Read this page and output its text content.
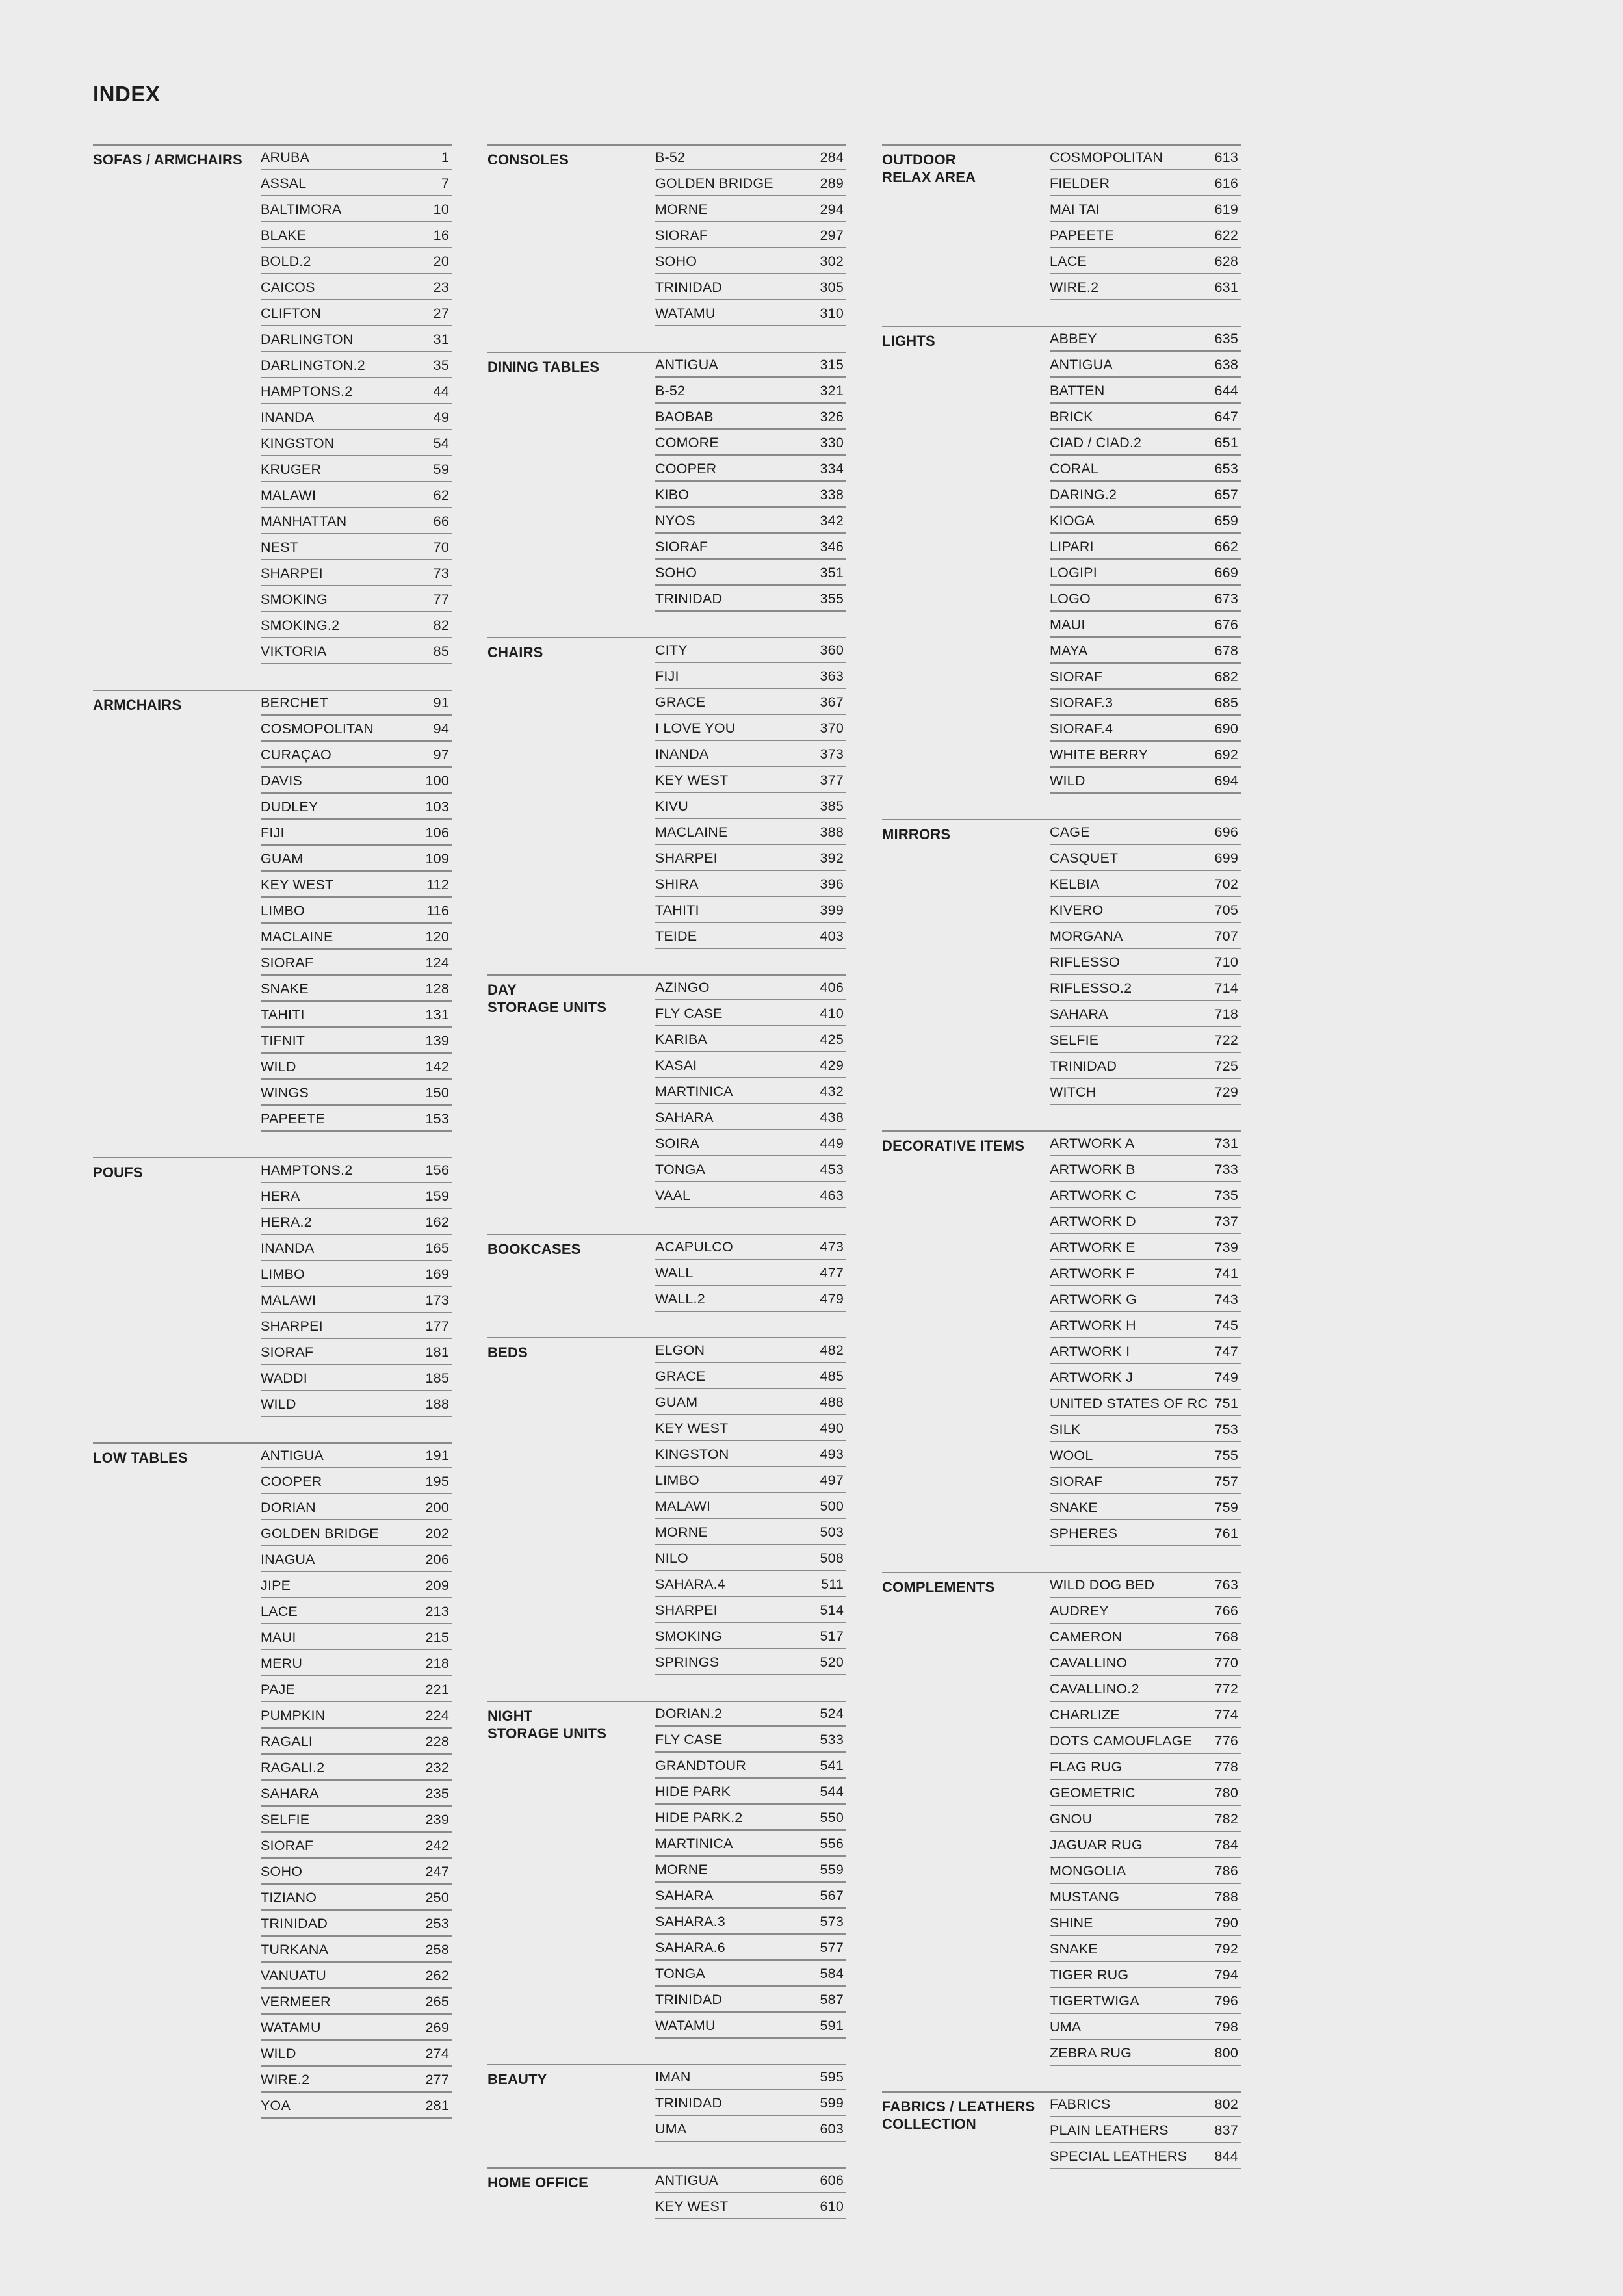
INDEX
SOFAS / ARMCHAIRS	ARUBA	1
ASSAL	7
BALTIMORA	10
BLAKE	16
BOLD.2	20
CAICOS	23
CLIFTON	27
DARLINGTON	31
DARLINGTON.2	35
HAMPTONS.2	44
INANDA	49
KINGSTON	54
KRUGER	59
MALAWI	62
MANHATTAN	66
NEST	70
SHARPEI	73
SMOKING	77
SMOKING.2	82
VIKTORIA	85
ARMCHAIRS	BERCHET	91
COSMOPOLITAN	94
CURAÇAO	97
DAVIS	100
DUDLEY	103
FIJI	106
GUAM	109
KEY WEST	112
LIMBO	116
MACLAINE	120
SIORAF	124
SNAKE	128
TAHITI	131
TIFNIT	139
WILD	142
WINGS	150
PAPEETE	153
POUFS	HAMPTONS.2	156
HERA	159
HERA.2	162
INANDA	165
LIMBO	169
MALAWI	173
SHARPEI	177
SIORAF	181
WADDI	185
WILD	188
LOW TABLES	ANTIGUA	191
COOPER	195
DORIAN	200
GOLDEN BRIDGE	202
INAGUA	206
JIPE	209
LACE	213
MAUI	215
MERU	218
PAJE	221
PUMPKIN	224
RAGALI	228
RAGALI.2	232
SAHARA	235
SELFIE	239
SIORAF	242
SOHO	247
TIZIANO	250
TRINIDAD	253
TURKANA	258
VANUATU	262
VERMEER	265
WATAMU	269
WILD	274
WIRE.2	277
YOA	281
CONSOLES	B-52	284
GOLDEN BRIDGE	289
MORNE	294
SIORAF	297
SOHO	302
TRINIDAD	305
WATAMU	310
DINING TABLES	ANTIGUA	315
B-52	321
BAOBAB	326
COMORE	330
COOPER	334
KIBO	338
NYOS	342
SIORAF	346
SOHO	351
TRINIDAD	355
CHAIRS	CITY	360
FIJI	363
GRACE	367
I LOVE YOU	370
INANDA	373
KEY WEST	377
KIVU	385
MACLAINE	388
SHARPEI	392
SHIRA	396
TAHITI	399
TEIDE	403
DAY
STORAGE UNITS
AZINGO	406
FLY CASE	410
KARIBA	425
KASAI	429
MARTINICA	432
SAHARA	438
SOIRA	449
TONGA	453
VAAL	463
BOOKCASES	ACAPULCO	473
WALL	477
WALL.2	479
BEDS	ELGON	482
GRACE	485
GUAM	488
KEY WEST	490
KINGSTON	493
LIMBO	497
MALAWI	500
MORNE	503
NILO	508
SAHARA.4	511
SHARPEI	514
SMOKING	517
SPRINGS	520
NIGHT
STORAGE UNITS
DORIAN.2	524
FLY CASE	533
GRANDTOUR	541
HIDE PARK	544
HIDE PARK.2	550
MARTINICA	556
MORNE	559
SAHARA	567
SAHARA.3	573
SAHARA.6	577
TONGA	584
TRINIDAD	587
WATAMU	591
BEAUTY	IMAN	595
TRINIDAD	599
UMA	603
HOME OFFICE	ANTIGUA	606
KEY WEST	610
OUTDOOR
RELAX AREA
COSMOPOLITAN	613
FIELDER	616
MAI TAI	619
PAPEETE	622
LACE	628
WIRE.2	631
LIGHTS	ABBEY	635
ANTIGUA	638
BATTEN	644
BRICK	647
CIAD / CIAD.2	651
CORAL	653
DARING.2	657
KIOGA	659
LIPARI	662
LOGIPI	669
LOGO	673
MAUI	676
MAYA	678
SIORAF	682
SIORAF.3	685
SIORAF.4	690
WHITE BERRY	692
WILD	694
MIRRORS	CAGE	696
CASQUET	699
KELBIA	702
KIVERO	705
MORGANA	707
RIFLESSO	710
RIFLESSO.2	714
SAHARA	718
SELFIE	722
TRINIDAD	725
WITCH	729
DECORATIVE ITEMS	ARTWORK A	731
ARTWORK B	733
ARTWORK C	735
ARTWORK D	737
ARTWORK E	739
ARTWORK F	741
ARTWORK G	743
ARTWORK H	745
ARTWORK I	747
ARTWORK J	749
UNITED STATES OF RC 751
SILK	753
WOOL	755
SIORAF	757
SNAKE	759
SPHERES	761
COMPLEMENTS	WILD DOG BED	763
AUDREY	766
CAMERON	768
CAVALLINO	770
CAVALLINO.2	772
CHARLIZE	774
DOTS CAMOUFLAGE 776
FLAG RUG	778
GEOMETRIC	780
GNOU	782
JAGUAR RUG	784
MONGOLIA	786
MUSTANG	788
SHINE	790
SNAKE	792
TIGER RUG	794
TIGERTWIGA	796
UMA	798
ZEBRA RUG	800
FABRICS / LEATHERS
COLLECTION
FABRICS	802
PLAIN LEATHERS	837
SPECIAL LEATHERS 844
